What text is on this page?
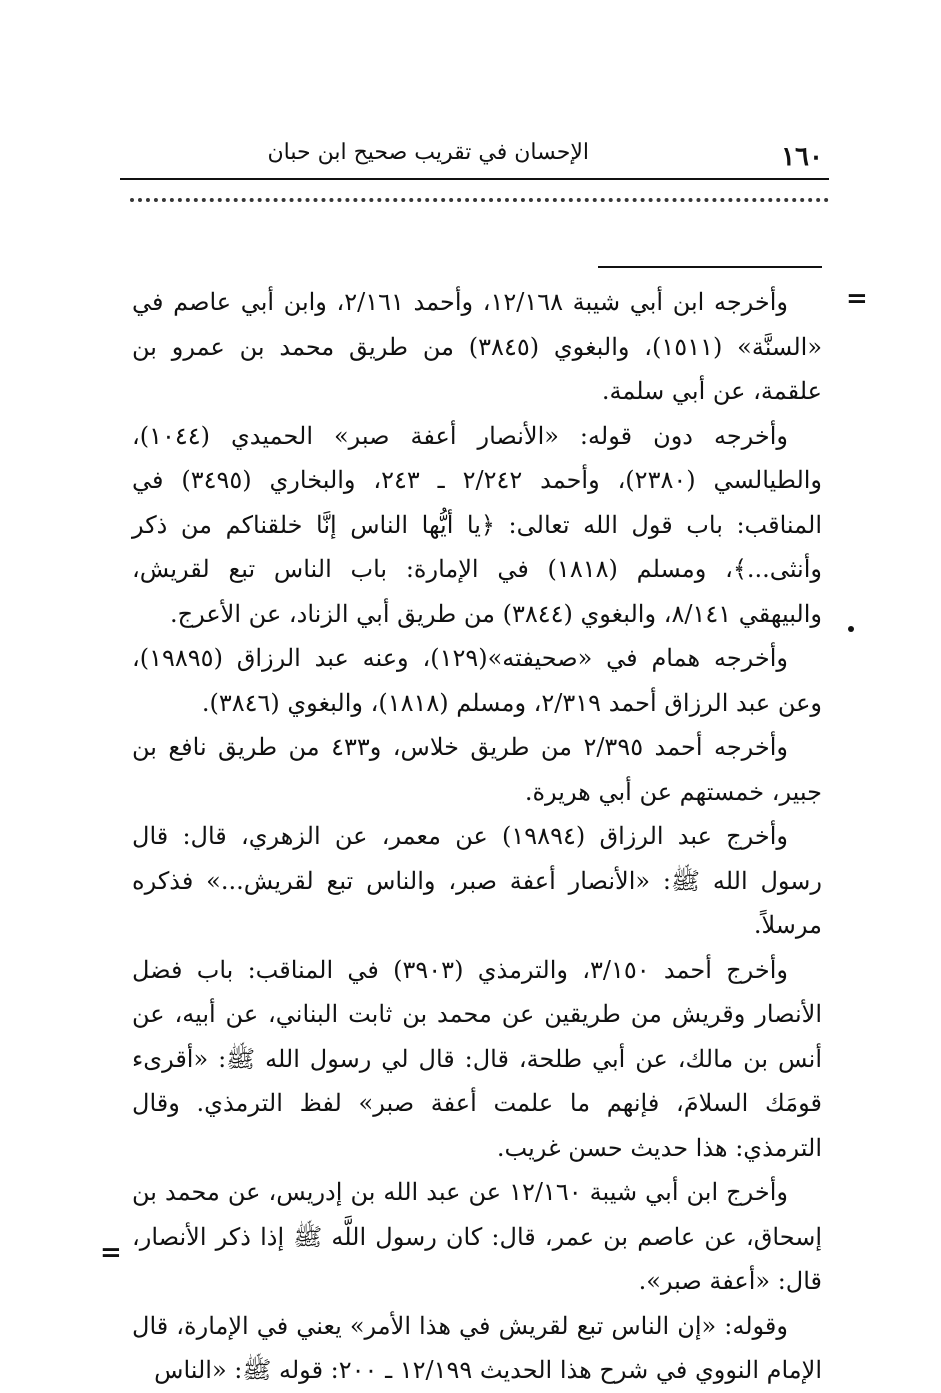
١٦٠
الإحسان في تقريب صحيح ابن حبان
=

وأخرجه ابن أبي شيبة ١٢/١٦٨، وأحمد ٢/١٦١، وابن أبي عاصم في «السنَّة» (١٥١١)، والبغوي (٣٨٤٥) من طريق محمد بن عمرو بن علقمة، عن أبي سلمة.

وأخرجه دون قوله: «الأنصار أعفة صبر» الحميدي (١٠٤٤)، والطيالسي (٢٣٨٠)، وأحمد ٢/٢٤٢ ـ ٢٤٣، والبخاري (٣٤٩٥) في المناقب: باب قول الله تعالى: ﴿يا أيُّها الناس إنَّا خلقناكم من ذكر وأنثى...﴾، ومسلم (١٨١٨) في الإمارة: باب الناس تبع لقريش، والبيهقي ٨/١٤١، والبغوي (٣٨٤٤) من طريق أبي الزناد، عن الأعرج.

وأخرجه همام في «صحيفته»(١٢٩)، وعنه عبد الرزاق (١٩٨٩٥)، وعن عبد الرزاق أحمد ٢/٣١٩، ومسلم (١٨١٨)، والبغوي (٣٨٤٦).

وأخرجه أحمد ٢/٣٩٥ من طريق خلاس، و٤٣٣ من طريق نافع بن جبير، خمستهم عن أبي هريرة.

وأخرج عبد الرزاق (١٩٨٩٤) عن معمر، عن الزهري، قال: قال رسول الله ﷺ: «الأنصار أعفة صبر، والناس تبع لقريش...» فذكره مرسلاً.

وأخرج أحمد ٣/١٥٠، والترمذي (٣٩٠٣) في المناقب: باب فضل الأنصار وقريش من طريقين عن محمد بن ثابت البناني، عن أبيه، عن أنس بن مالك، عن أبي طلحة، قال: قال لي رسول الله ﷺ: «أقرىء قومَك السلامَ، فإنهم ما علمت أعفة صبر» لفظ الترمذي. وقال الترمذي: هذا حديث حسن غريب.

وأخرج ابن أبي شيبة ١٢/١٦٠ عن عبد الله بن إدريس، عن محمد بن إسحاق، عن عاصم بن عمر، قال: كان رسول اللَّه ﷺ إذا ذكر الأنصار، قال: «أعفة صبر».

وقوله: «إن الناس تبع لقريش في هذا الأمر» يعني في الإمارة، قال الإمام النووي في شرح هذا الحديث ١٢/١٩٩ ـ ٢٠٠: قوله ﷺ: «الناس

=
